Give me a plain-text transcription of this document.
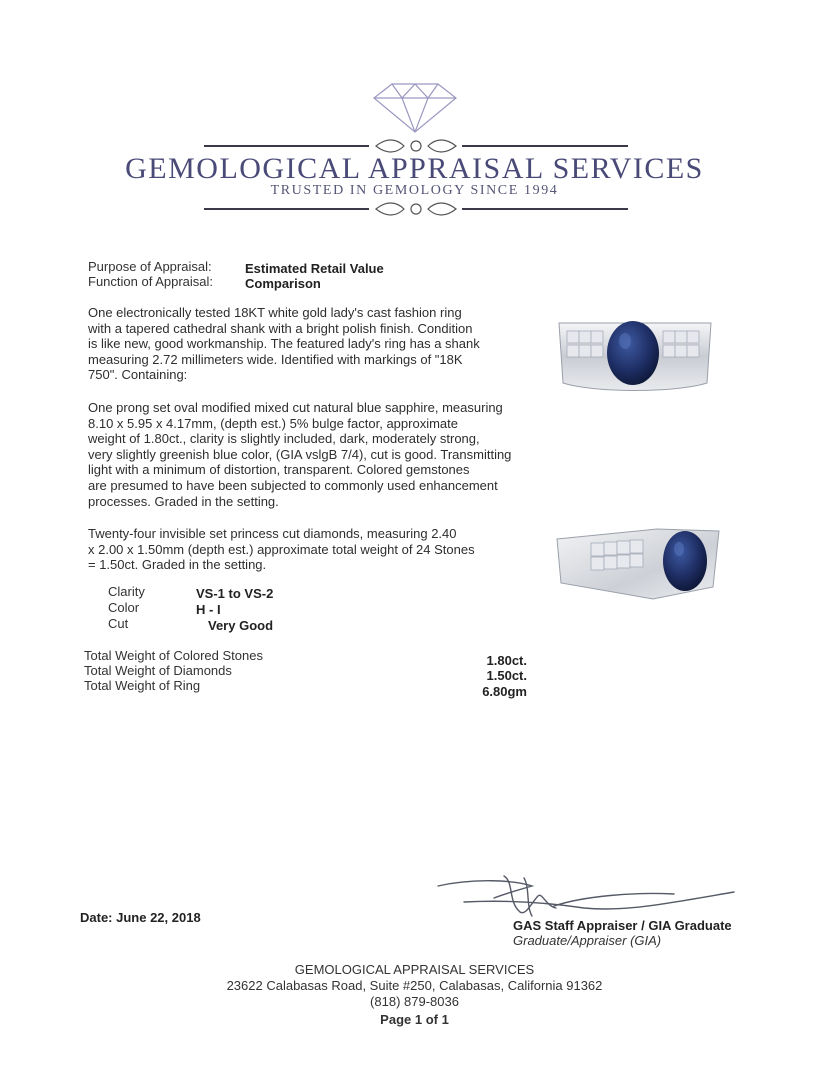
GEMOLOGICAL APPRAISAL SERVICES
TRUSTED IN GEMOLOGY SINCE 1994
Purpose of Appraisal:	Estimated Retail Value
Function of Appraisal: Comparison

One electronically tested 18KT white gold lady's cast fashion ring

with a tapered cathedral shank with a bright polish finish. Condition

is like new, good workmanship. The featured lady's ring has a shank

measuring 2.72 millimeters wide. Identified with markings of "18K

750". Containing:

One prong set oval modified mixed cut natural blue sapphire, measuring

8.10 x 5.95 x 4.17mm, (depth est.) 5% bulge factor, approximate

weight of 1.80ct., clarity is slightly included, dark, moderately strong,

very slightly greenish blue color, (GIA vslgB 7/4), cut is good. Transmitting

light with a minimum of distortion, transparent. Colored gemstones

are presumed to have been subjected to commonly used enhancement

processes. Graded in the setting.

Twenty-four invisible set princess cut diamonds, measuring 2.40

x 2.00 x 1.50mm (depth est.) approximate total weight of 24 Stones

= 1.50ct. Graded in the setting.

Clarity	VS-1 to VS-2
Color	H - I
Cut	Very Good
Total Weight of Colored Stones	1.80ct.
Total Weight of Diamonds	1.50ct.
Total Weight of Ring	6.80gm
Date: June 22, 2018
GAS Staff Appraiser / GIA Graduate
Graduate/Appraiser (GIA)
GEMOLOGICAL APPRAISAL SERVICES
23622 Calabasas Road, Suite #250, Calabasas, California 91362
(818) 879-8036
Page 1 of 1
